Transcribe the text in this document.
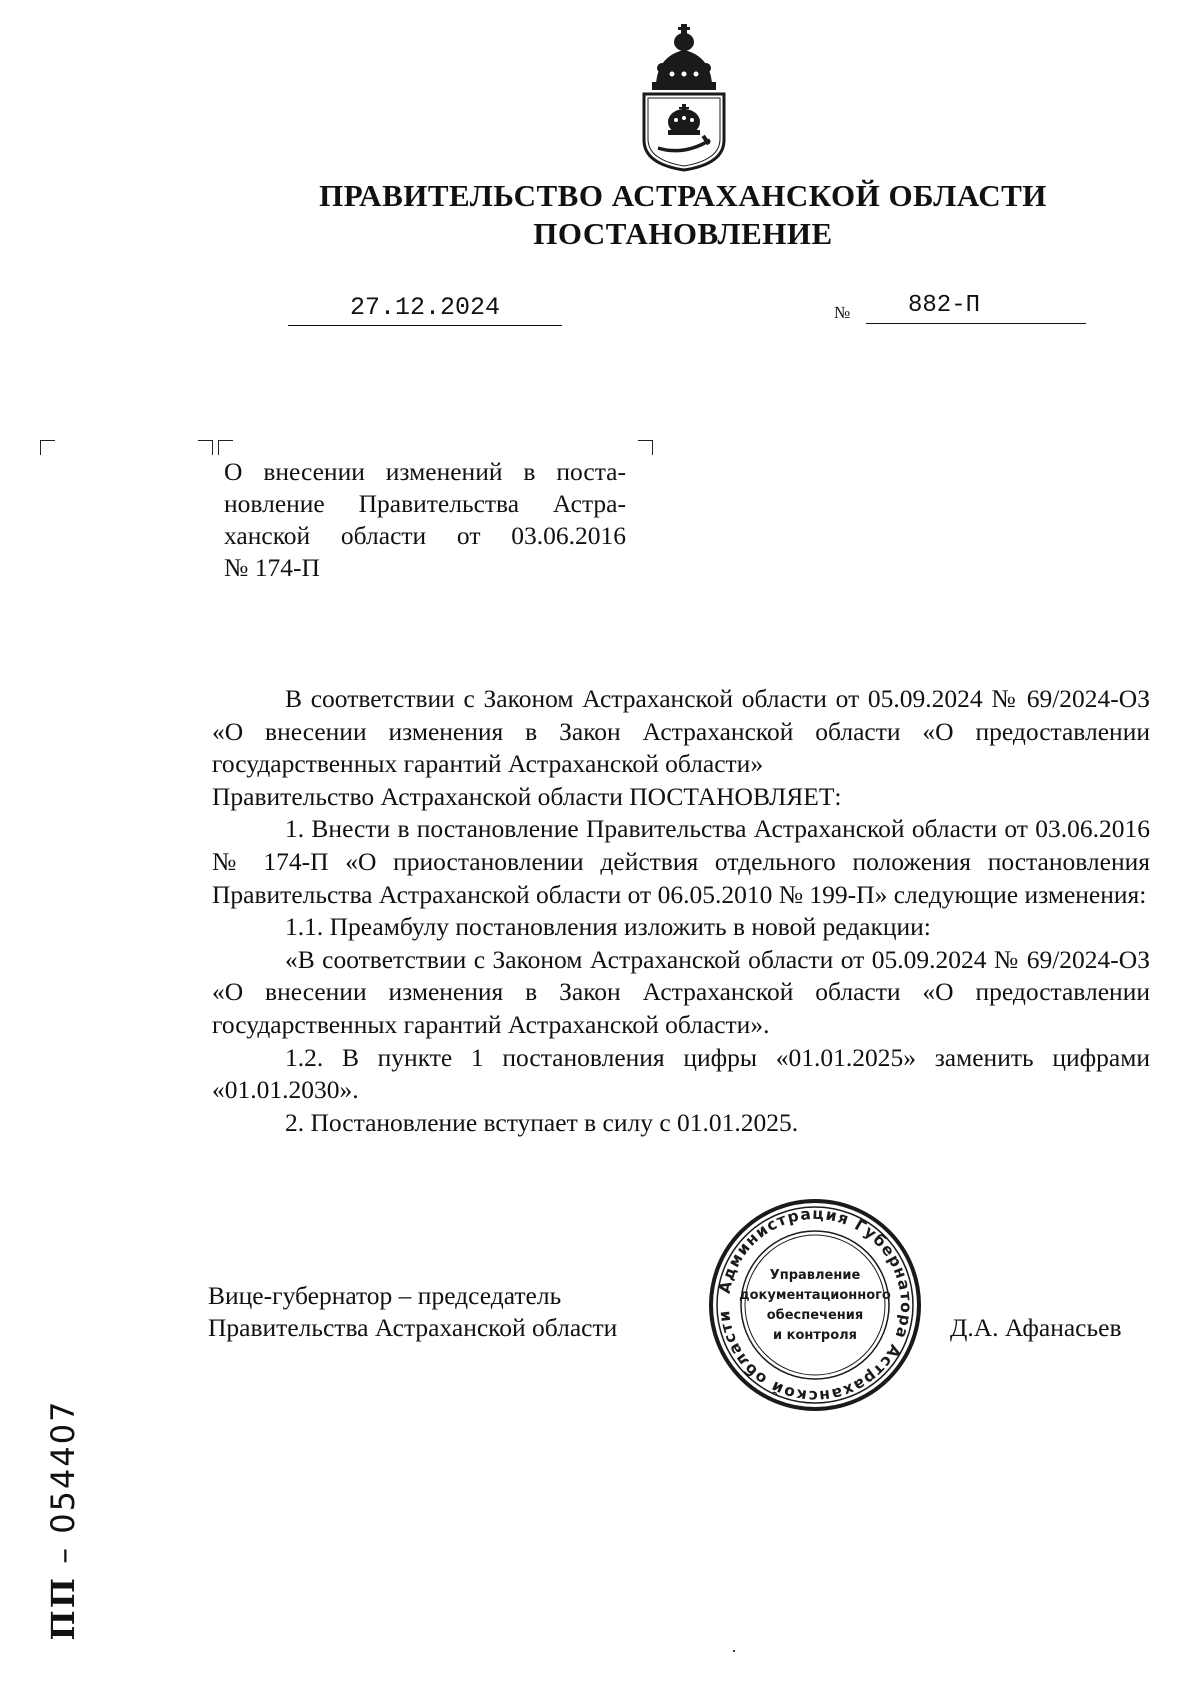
ПРАВИТЕЛЬСТВО АСТРАХАНСКОЙ ОБЛАСТИ
ПОСТАНОВЛЕНИЕ
27.12.2024	№ 882-П
О внесении изменений в поста-
новление Правительства Астра-
ханской области от 03.06.2016
№ 174-П

В соответствии с Законом Астраханской области от 05.09.2024 № 69/2024-ОЗ «О внесении изменения в Закон Астраханской области «О предоставлении государственных гарантий Астраханской области»

Правительство Астраханской области ПОСТАНОВЛЯЕТ:

1. Внести в постановление Правительства Астраханской области от 03.06.2016 № 174-П «О приостановлении действия отдельного положения постановления Правительства Астраханской области от 06.05.2010 № 199-П» следующие изменения:

1.1. Преамбулу постановления изложить в новой редакции:

«В соответствии с Законом Астраханской области от 05.09.2024 № 69/2024-ОЗ «О внесении изменения в Закон Астраханской области «О предоставлении государственных гарантий Астраханской области».

1.2. В пункте 1 постановления цифры «01.01.2025» заменить цифрами «01.01.2030».

2. Постановление вступает в силу с 01.01.2025.

Вице-губернатор – председатель
Правительства Астраханской области
Администрация Губернатора Астраханской области
Управление
документационного
обеспечения
и контроля	Д.А. Афанасьев
ПП – 054407
